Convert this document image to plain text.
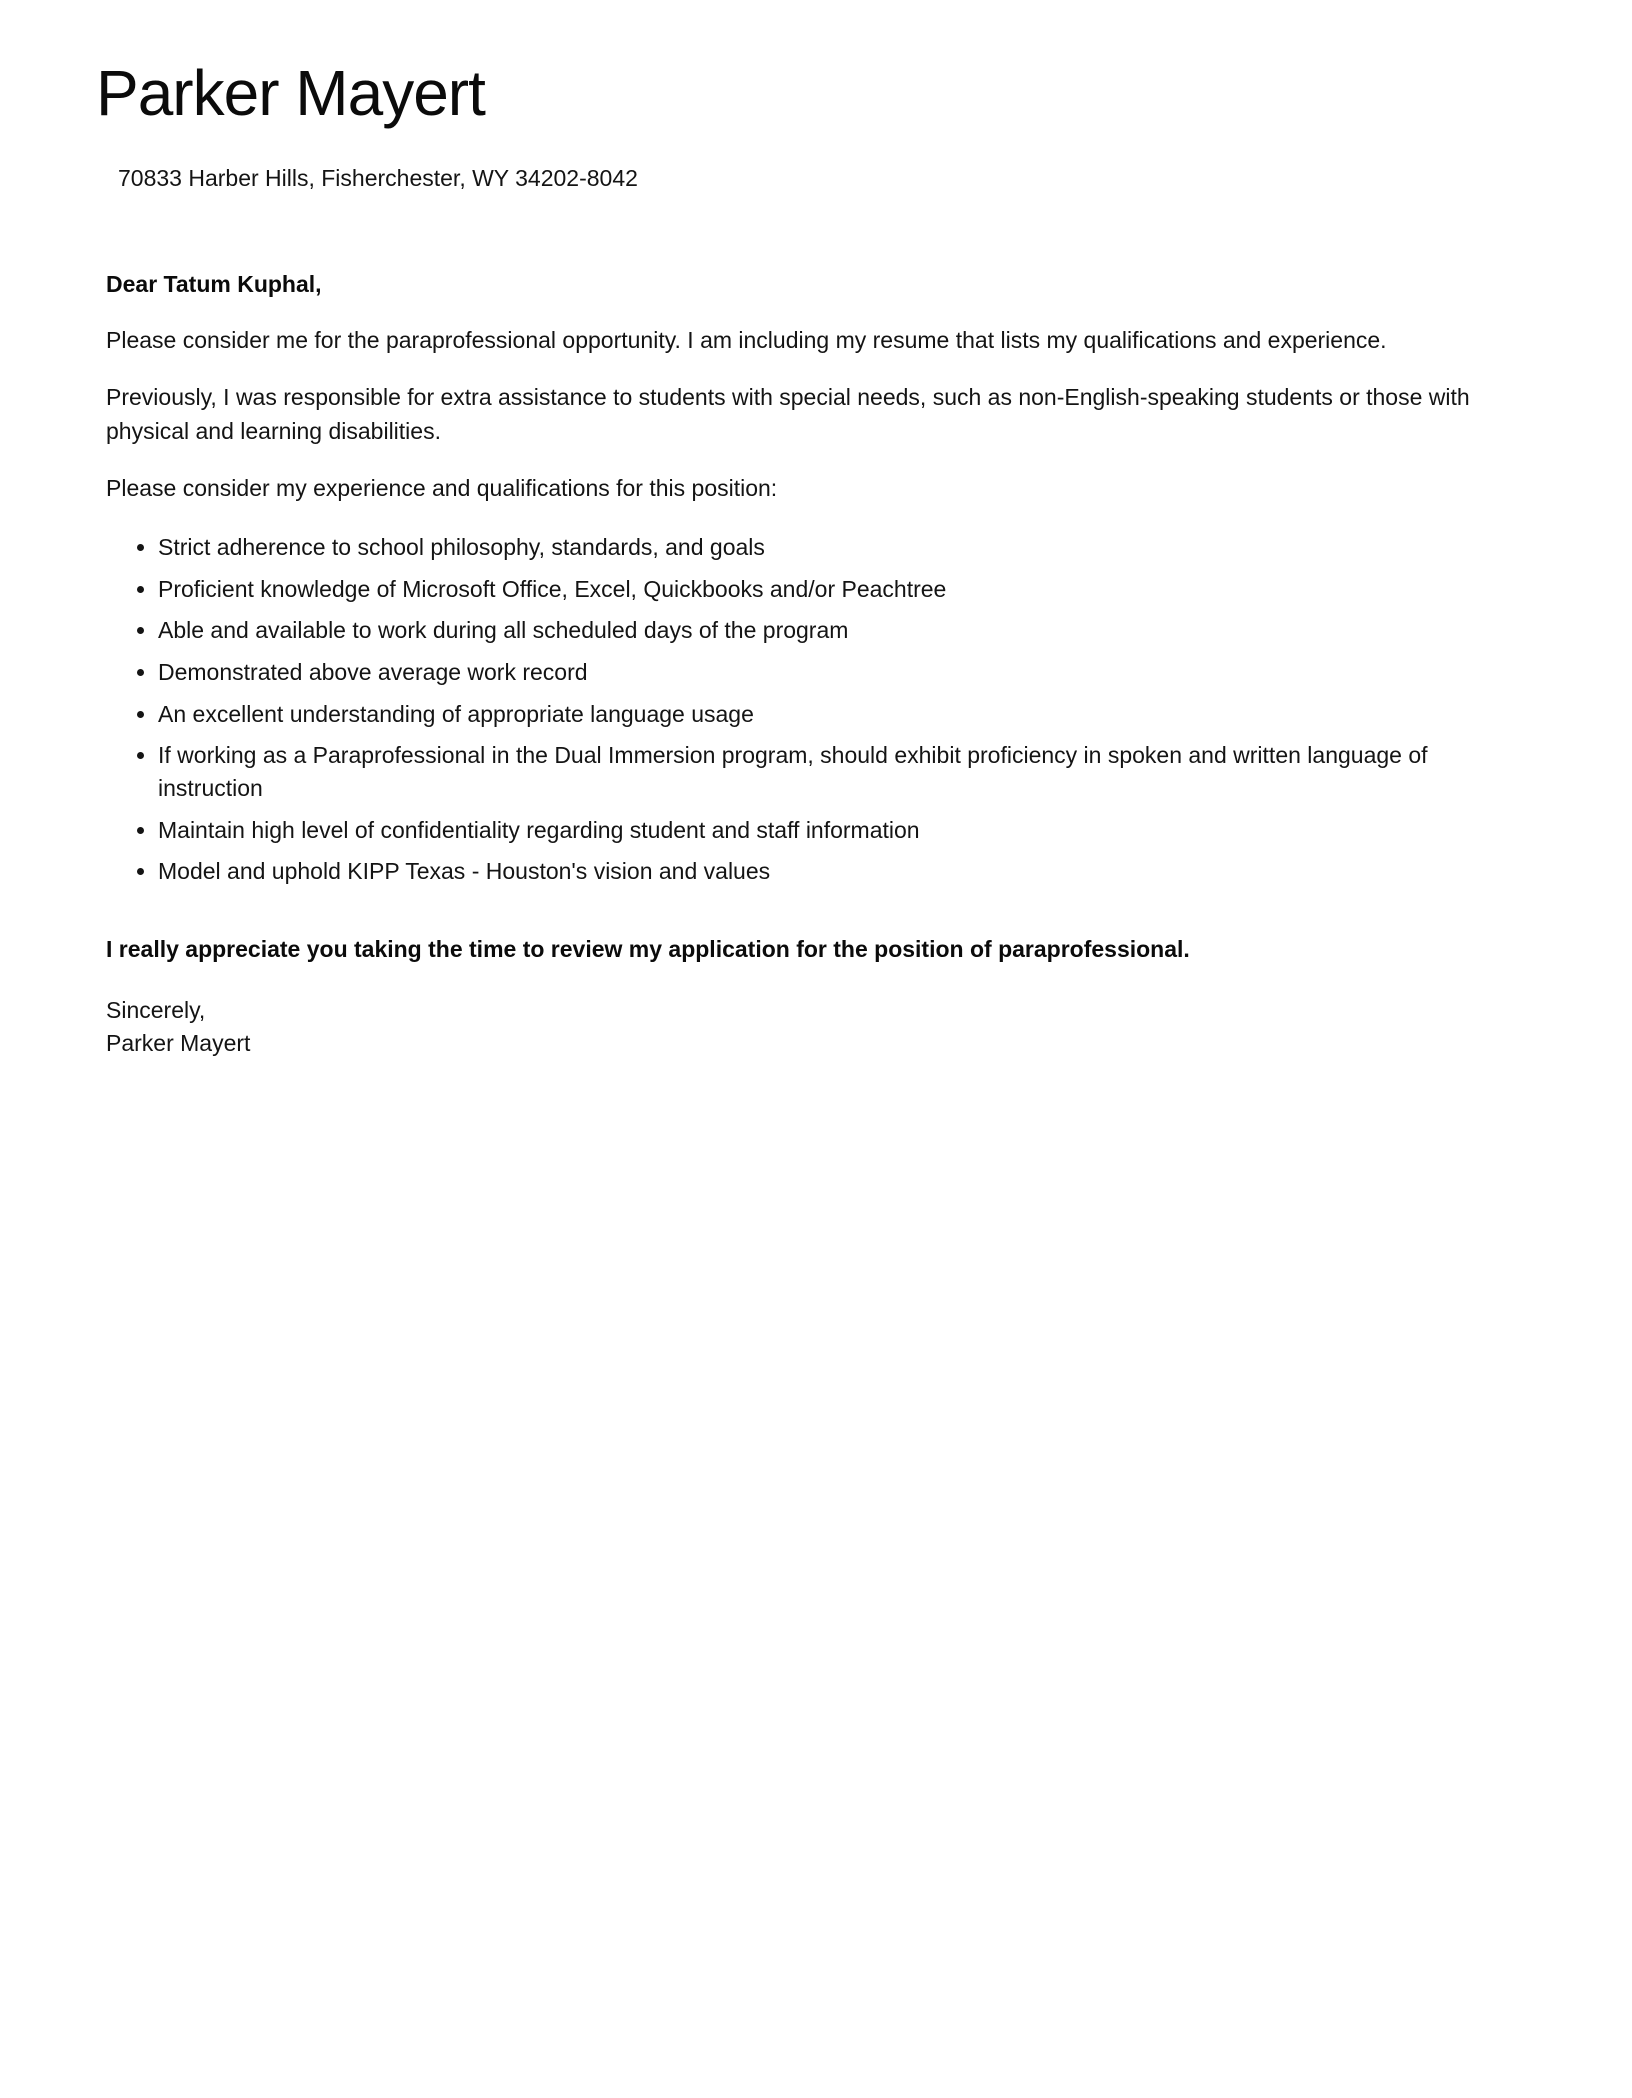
Parker Mayert

70833 Harber Hills, Fisherchester, WY 34202-8042

Dear Tatum Kuphal,

Please consider me for the paraprofessional opportunity. I am including my resume that lists my qualifications and experience.

Previously, I was responsible for extra assistance to students with special needs, such as non-English-speaking students or those with physical and learning disabilities.

Please consider my experience and qualifications for this position:

• Strict adherence to school philosophy, standards, and goals
• Proficient knowledge of Microsoft Office, Excel, Quickbooks and/or Peachtree
• Able and available to work during all scheduled days of the program
• Demonstrated above average work record
• An excellent understanding of appropriate language usage
• If working as a Paraprofessional in the Dual Immersion program, should exhibit proficiency in spoken and written language of instruction
• Maintain high level of confidentiality regarding student and staff information
• Model and uphold KIPP Texas - Houston's vision and values

I really appreciate you taking the time to review my application for the position of paraprofessional.

Sincerely,

Parker Mayert
